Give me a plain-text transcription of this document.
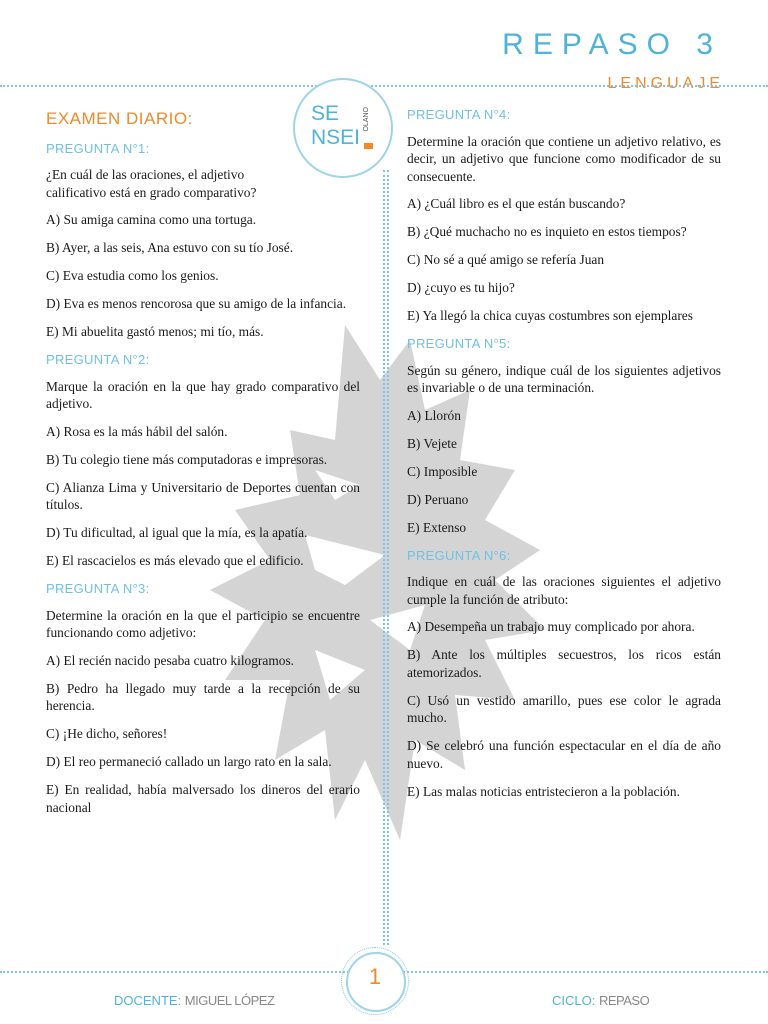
REPASO 3
LENGUAJE
SE
NSEI
OLANO
EXAMEN DIARIO:
PREGUNTA N°1:
¿En cuál de las oraciones, el adjetivo calificativo está en grado comparativo?
A) Su amiga camina como una tortuga.
B) Ayer, a las seis, Ana estuvo con su tío José.
C) Eva estudia como los genios.
D) Eva es menos rencorosa que su amigo de la infancia.
E) Mi abuelita gastó menos; mi tío, más.
PREGUNTA N°2:
Marque la oración en la que hay grado comparativo del adjetivo.
A) Rosa es la más hábil del salón.
B) Tu colegio tiene más computadoras e impresoras.
C) Alianza Lima y Universitario de Deportes cuentan con títulos.
D) Tu dificultad, al igual que la mía, es la apatía.
E) El rascacielos es más elevado que el edificio.
PREGUNTA N°3:
Determine la oración en la que el participio se encuentre funcionando como adjetivo:
A) El recién nacido pesaba cuatro kilogramos.
B) Pedro ha llegado muy tarde a la recepción de su herencia.
C) ¡He dicho, señores!
D) El reo permaneció callado un largo rato en la sala.
E) En realidad, había malversado los dineros del erario nacional
PREGUNTA N°4:
Determine la oración que contiene un adjetivo relativo, es decir, un adjetivo que funcione como modificador de su consecuente.
A) ¿Cuál libro es el que están buscando?
B) ¿Qué muchacho no es inquieto en estos tiempos?
C) No sé a qué amigo se refería Juan
D) ¿cuyo es tu hijo?
E) Ya llegó la chica cuyas costumbres son ejemplares
PREGUNTA N°5:
Según su género, indique cuál de los siguientes adjetivos es invariable o de una terminación.
A) Llorón
B) Vejete
C) Imposible
D) Peruano
E) Extenso
PREGUNTA N°6:
Indique en cuál de las oraciones siguientes el adjetivo cumple la función de atributo:
A) Desempeña un trabajo muy complicado por ahora.
B) Ante los múltiples secuestros, los ricos están atemorizados.
C) Usó un vestido amarillo, pues ese color le agrada mucho.
D) Se celebró una función espectacular en el día de año nuevo.
E) Las malas noticias entristecieron a la población.
1
DOCENTE: MIGUEL LÓPEZ	CICLO: REPASO
